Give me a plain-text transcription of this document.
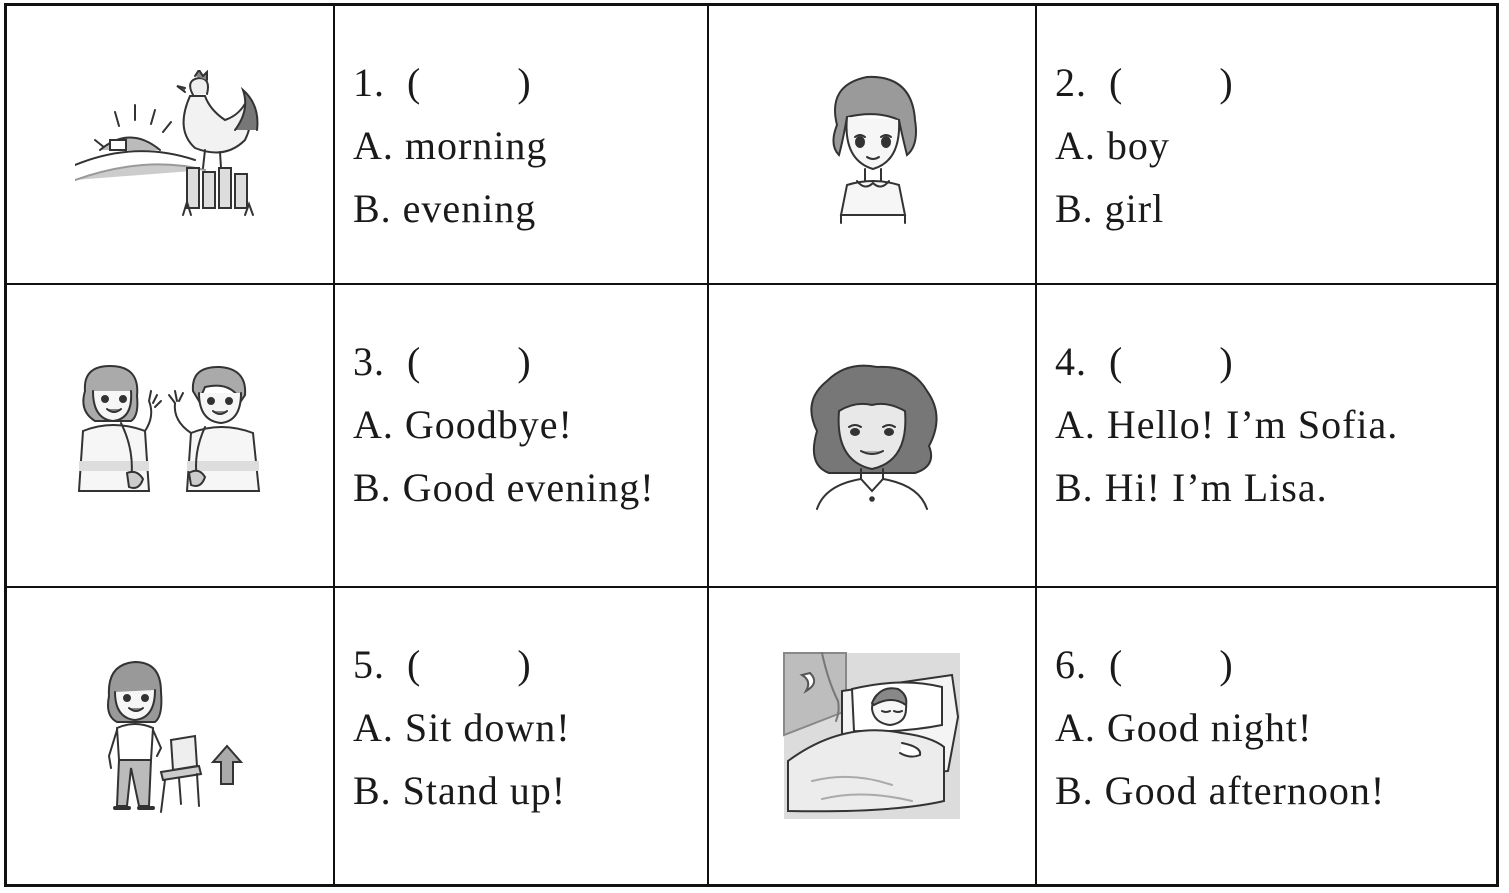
1. ( )
A. morning
B. evening
2. ( )
A. boy
B. girl
3. ( )
A. Goodbye!
B. Good evening!
4. ( )
A. Hello! I’m Sofia.
B. Hi! I’m Lisa.
5. ( )
A. Sit down!
B. Stand up!
6. ( )
A. Good night!
B. Good afternoon!
